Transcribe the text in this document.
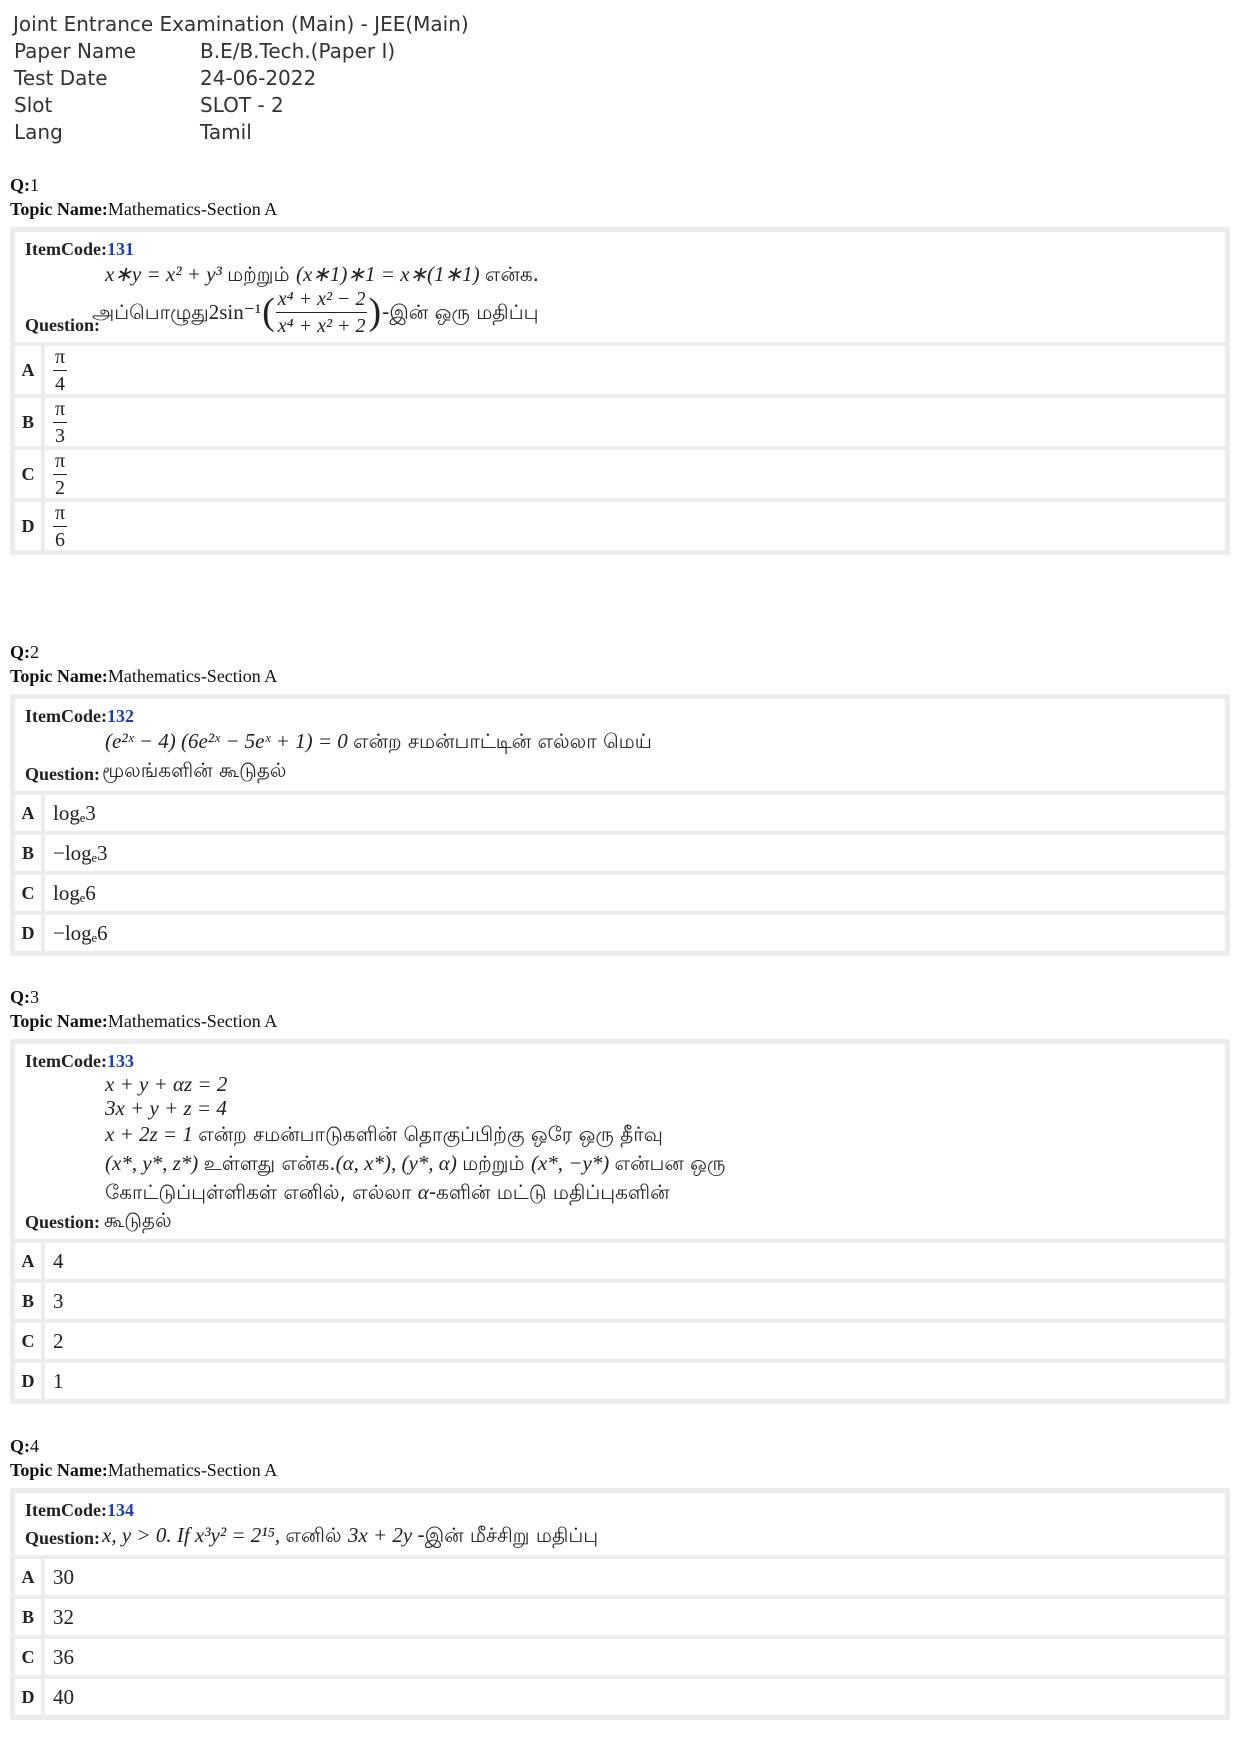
Joint Entrance Examination (Main) - JEE(Main)
Paper Name	B.E/B.Tech.(Paper I)
Test Date	24-06-2022
Slot	SLOT - 2
Lang	Tamil
Q:1
Topic Name:Mathematics-Section A
ItemCode:131
x∗y = x² + y³ மற்றும் (x∗1)∗1 = x∗(1∗1) என்க.
Question:
அப்பொழுது 2sin⁻¹ ( $\frac{\text{x⁴ + x² − 2}}{\text{x⁴ + x² + 2}}$ ) -இன் ஒரு மதிப்பு
A $\frac{\pi}{4}$
B $\frac{\pi}{3}$
C $\frac{\pi}{2}$
D $\frac{\pi}{6}$
Q:2
Topic Name:Mathematics-Section A
ItemCode:132
(e²ˣ − 4) (6e²ˣ − 5eˣ + 1) = 0 என்ற சமன்பாட்டின் எல்லா மெய்
Question: மூலங்களின் கூடுதல்
A logₑ3
B −logₑ3
C logₑ6
D −logₑ6
Q:3
Topic Name:Mathematics-Section A
ItemCode:133
x + y + αz = 2
3x + y + z = 4
x + 2z = 1 என்ற சமன்பாடுகளின் தொகுப்பிற்கு ஒரே ஒரு தீர்வு
(x*, y*, z*) உள்ளது என்க.(α, x*), (y*, α) மற்றும் (x*, −y*) என்பன ஒரு
கோட்டுப்புள்ளிகள் எனில், எல்லா α-களின் மட்டு மதிப்புகளின்
Question: கூடுதல்
A 4
B 3
C 2
D 1
Q:4
Topic Name:Mathematics-Section A
ItemCode:134
Question: x, y > 0. If x³y² = 2¹⁵, எனில் 3x + 2y -இன் மீச்சிறு மதிப்பு
A 30
B 32
C 36
D 40
